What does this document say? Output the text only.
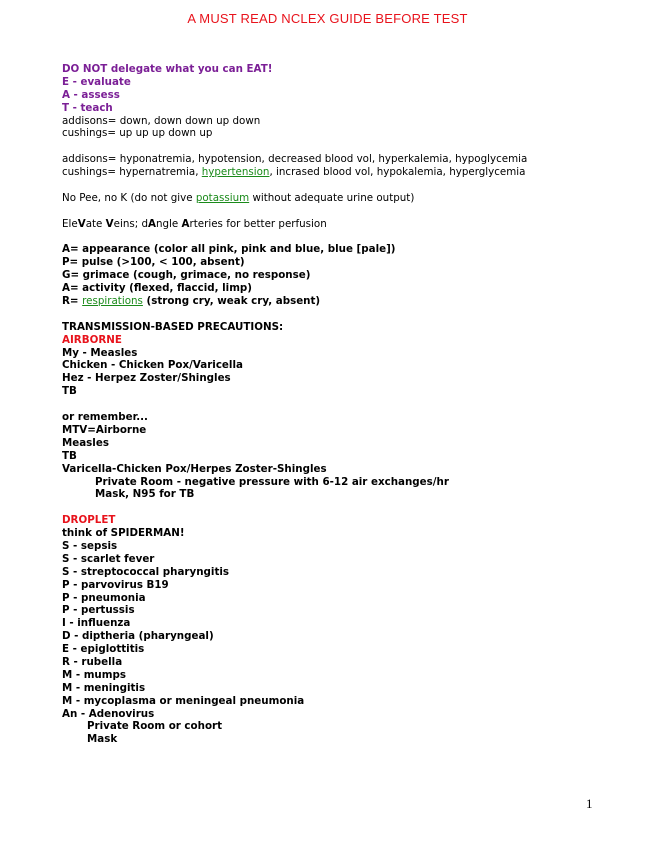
A MUST READ NCLEX GUIDE BEFORE TEST
DO NOT delegate what you can EAT!
E - evaluate
A - assess
T - teach
addisons= down, down down up down
cushings= up up up down up
addisons= hyponatremia, hypotension, decreased blood vol, hyperkalemia, hypoglycemia
cushings= hypernatremia, hypertension, incrased blood vol, hypokalemia, hyperglycemia
No Pee, no K (do not give potassium without adequate urine output)
EleVate Veins; dAngle Arteries for better perfusion
A= appearance (color all pink, pink and blue, blue [pale])
P= pulse (>100, < 100, absent)
G= grimace (cough, grimace, no response)
A= activity (flexed, flaccid, limp)
R= respirations (strong cry, weak cry, absent)
TRANSMISSION-BASED PRECAUTIONS:
AIRBORNE
My - Measles
Chicken - Chicken Pox/Varicella
Hez - Herpez Zoster/Shingles
TB
or remember...
MTV=Airborne
Measles
TB
Varicella-Chicken Pox/Herpes Zoster-Shingles
Private Room - negative pressure with 6-12 air exchanges/hr
Mask, N95 for TB
DROPLET
think of SPIDERMAN!
S - sepsis
S - scarlet fever
S - streptococcal pharyngitis
P - parvovirus B19
P - pneumonia
P - pertussis
I - influenza
D - diptheria (pharyngeal)
E - epiglottitis
R - rubella
M - mumps
M - meningitis
M - mycoplasma or meningeal pneumonia
An - Adenovirus
Private Room or cohort
Mask
1
